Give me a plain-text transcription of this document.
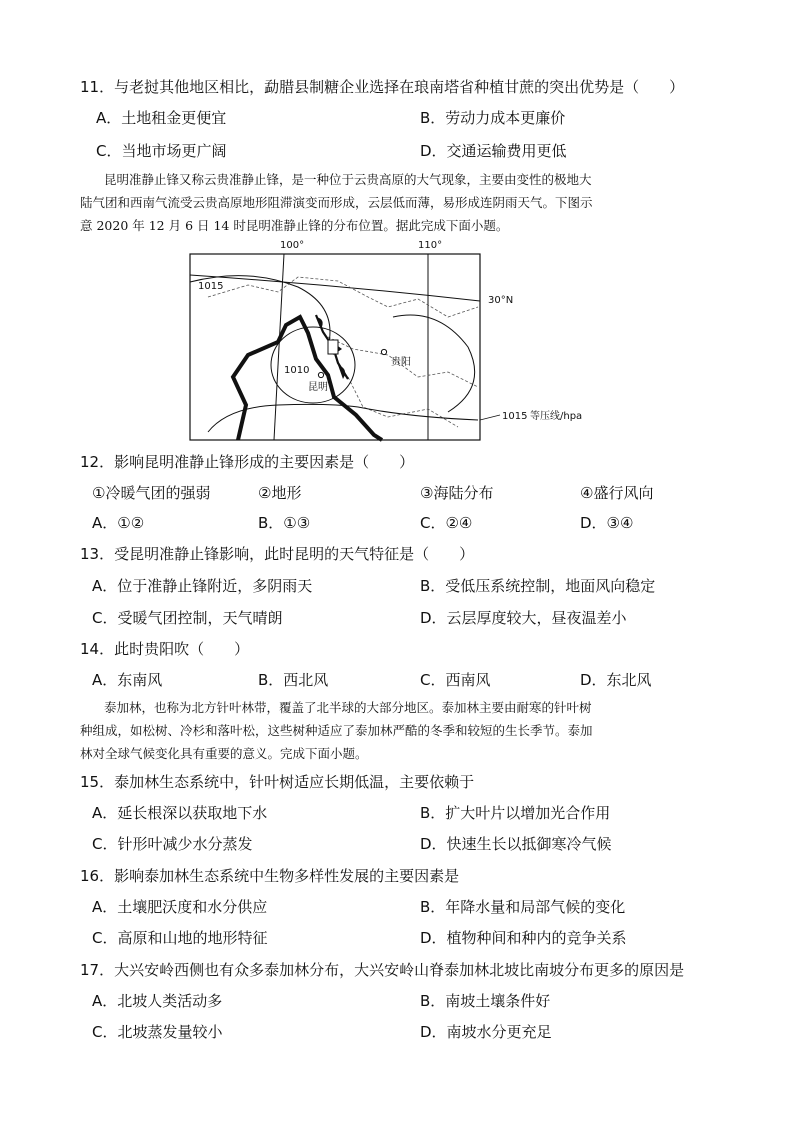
11．与老挝其他地区相比，勐腊县制糖企业选择在琅南塔省种植甘蔗的突出优势是（　　）
A．土地租金更便宜	B．劳动力成本更廉价
C．当地市场更广阔	D．交通运输费用更低
昆明准静止锋又称云贵准静止锋，是一种位于云贵高原的大气现象，主要由变性的极地大
陆气团和西南气流受云贵高原地形阻滞演变而形成，云层低而薄，易形成连阴雨天气。下图示
意 2020 年 12 月 6 日 14 时昆明准静止锋的分布位置。据此完成下面小题。
100°	110°
30°N
1015
1010
1015 等压线/hpa
昆明
贵阳
12．影响昆明准静止锋形成的主要因素是（　　）
①冷暖气团的强弱	②地形	③海陆分布	④盛行风向
A．①②	B．①③	C．②④	D．③④
13．受昆明准静止锋影响，此时昆明的天气特征是（　　）
A．位于准静止锋附近，多阴雨天	B．受低压系统控制，地面风向稳定
C．受暖气团控制，天气晴朗	D．云层厚度较大，昼夜温差小
14．此时贵阳吹（　　）
A．东南风	B．西北风	C．西南风	D．东北风
泰加林，也称为北方针叶林带，覆盖了北半球的大部分地区。泰加林主要由耐寒的针叶树
种组成，如松树、冷杉和落叶松，这些树种适应了泰加林严酷的冬季和较短的生长季节。泰加
林对全球气候变化具有重要的意义。完成下面小题。
15．泰加林生态系统中，针叶树适应长期低温，主要依赖于
A．延长根深以获取地下水	B．扩大叶片以增加光合作用
C．针形叶减少水分蒸发	D．快速生长以抵御寒冷气候
16．影响泰加林生态系统中生物多样性发展的主要因素是
A．土壤肥沃度和水分供应	B．年降水量和局部气候的变化
C．高原和山地的地形特征	D．植物种间和种内的竞争关系
17．大兴安岭西侧也有众多泰加林分布，大兴安岭山脊泰加林北坡比南坡分布更多的原因是
A．北坡人类活动多	B．南坡土壤条件好
C．北坡蒸发量较小	D．南坡水分更充足
